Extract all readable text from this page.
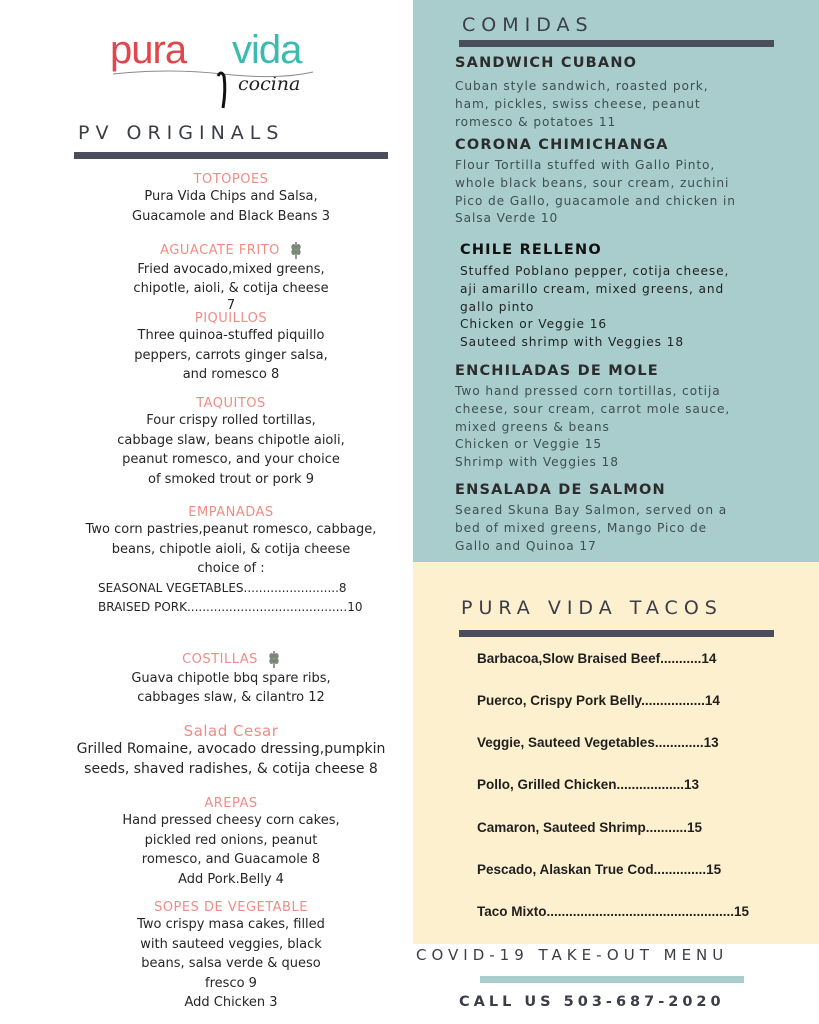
pura vida
cocina
PV ORIGINALS
TOTOPOES
Pura Vida Chips and Salsa,
Guacamole and Black Beans 3
AGUACATE FRITO
Fried avocado,mixed greens,
chipotle, aioli, & cotija cheese
7
PIQUILLOS
Three quinoa-stuffed piquillo
peppers, carrots ginger salsa,
and romesco 8
TAQUITOS
Four crispy rolled tortillas,
cabbage slaw, beans chipotle aioli,
peanut romesco, and your choice
of smoked trout or pork 9
EMPANADAS
Two corn pastries,peanut romesco, cabbage,
beans, chipotle aioli, & cotija cheese
choice of :
SEASONAL VEGETABLES.........................8
BRAISED PORK..........................................10
COSTILLAS
Guava chipotle bbq spare ribs,
cabbages slaw, & cilantro 12
Salad Cesar
Grilled Romaine, avocado dressing,pumpkin
seeds, shaved radishes, & cotija cheese 8
AREPAS
Hand pressed cheesy corn cakes,
pickled red onions, peanut
romesco, and Guacamole 8
Add Pork.Belly 4
SOPES DE VEGETABLE
Two crispy masa cakes, filled
with sauteed veggies, black
beans, salsa verde & queso
fresco 9
Add Chicken 3
COMIDAS
SANDWICH CUBANO
Cuban style sandwich, roasted pork,
ham, pickles, swiss cheese, peanut
romesco & potatoes 11
CORONA CHIMICHANGA
Flour Tortilla stuffed with Gallo Pinto,
whole black beans, sour cream, zuchini
Pico de Gallo, guacamole and chicken in
Salsa Verde 10
CHILE RELLENO
Stuffed Poblano pepper, cotija cheese,
aji amarillo cream, mixed greens, and
gallo pinto
Chicken or Veggie 16
Sauteed shrimp with Veggies 18
ENCHILADAS DE MOLE
Two hand pressed corn tortillas, cotija
cheese, sour cream, carrot mole sauce,
mixed greens & beans
Chicken or Veggie 15
Shrimp with Veggies 18
ENSALADA DE SALMON
Seared Skuna Bay Salmon, served on a
bed of mixed greens, Mango Pico de
Gallo and Quinoa 17
PURA VIDA TACOS
Barbacoa,Slow Braised Beef...........14
Puerco, Crispy Pork Belly.................14
Veggie, Sauteed Vegetables.............13
Pollo, Grilled Chicken..................13
Camaron, Sauteed Shrimp...........15
Pescado, Alaskan True Cod..............15
Taco Mixto..................................................15
COVID-19 TAKE-OUT MENU
CALL US 503-687-2020
